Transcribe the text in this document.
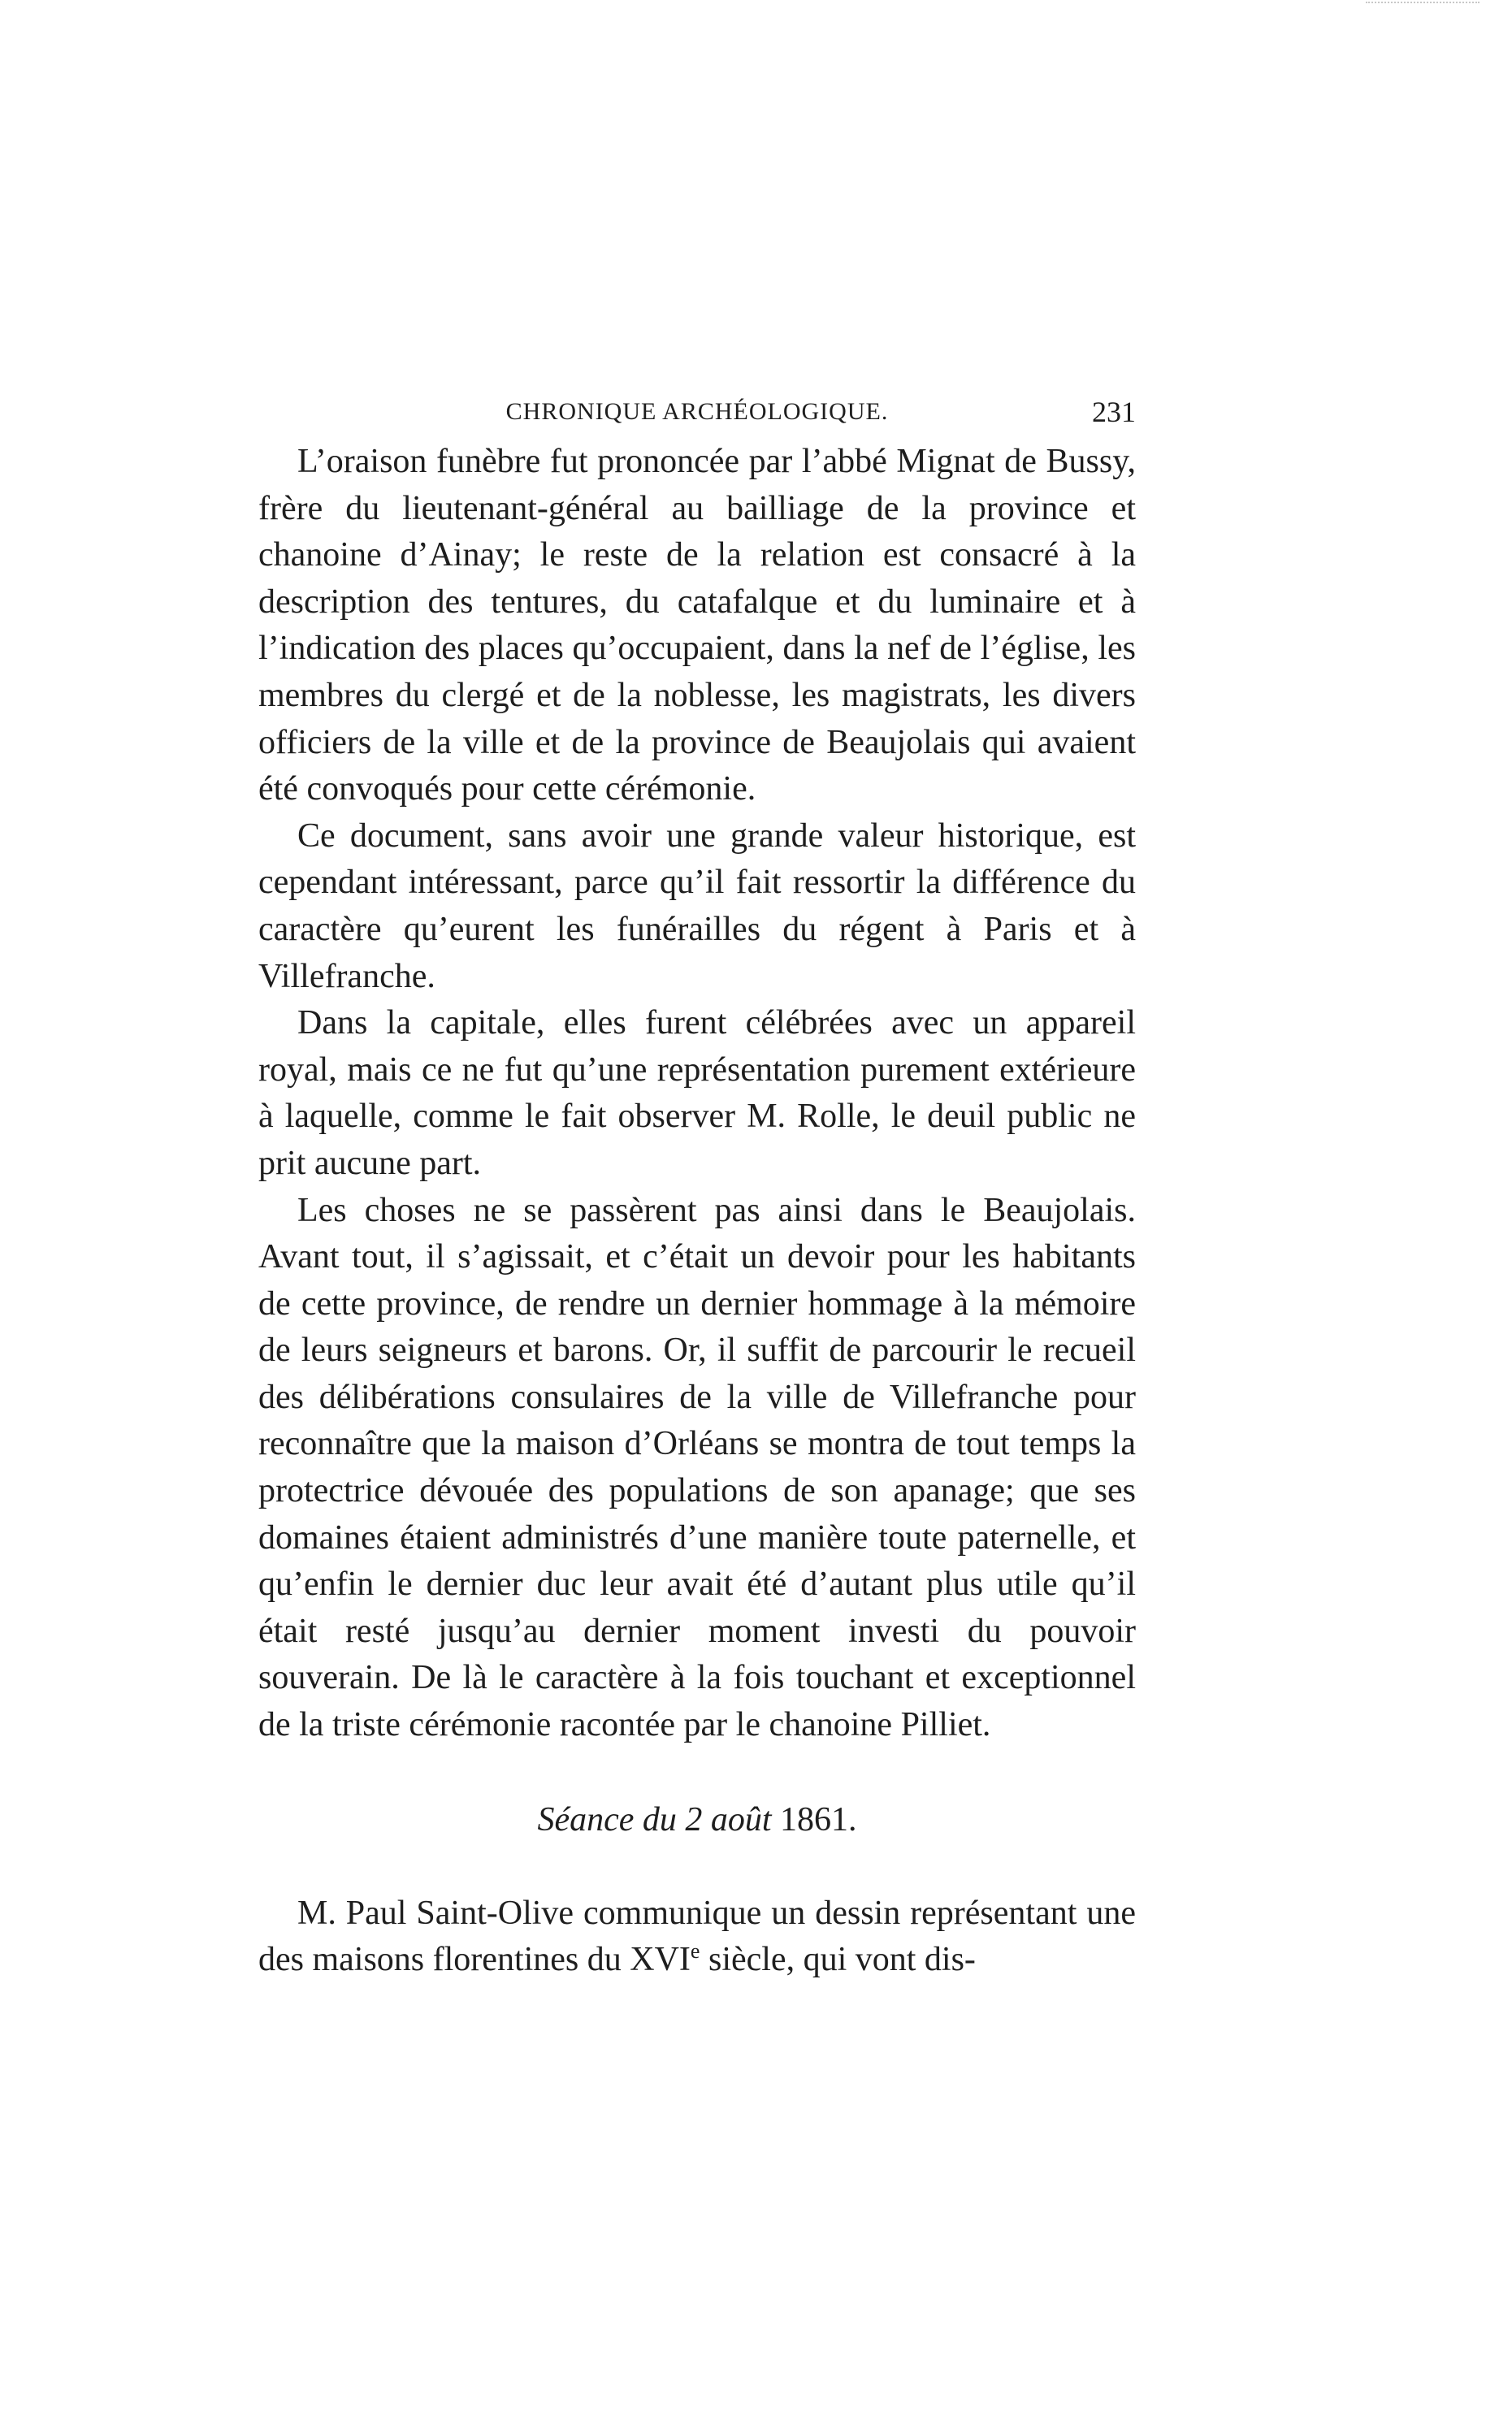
CHRONIQUE ARCHÉOLOGIQUE.	231

L’oraison funèbre fut prononcée par l’abbé Mignat de Bussy, frère du lieutenant-général au bailliage de la province et chanoine d’Ainay; le reste de la relation est consacré à la description des tentures, du catafalque et du luminaire et à l’indication des places qu’occupaient, dans la nef de l’église, les membres du clergé et de la noblesse, les magistrats, les divers officiers de la ville et de la province de Beaujolais qui avaient été convoqués pour cette cérémonie.

Ce document, sans avoir une grande valeur historique, est cependant intéressant, parce qu’il fait ressortir la différence du caractère qu’eurent les funérailles du régent à Paris et à Villefranche.

Dans la capitale, elles furent célébrées avec un appareil royal, mais ce ne fut qu’une représentation purement extérieure à laquelle, comme le fait observer M. Rolle, le deuil public ne prit aucune part.

Les choses ne se passèrent pas ainsi dans le Beaujolais. Avant tout, il s’agissait, et c’était un devoir pour les habitants de cette province, de rendre un dernier hommage à la mémoire de leurs seigneurs et barons. Or, il suffit de parcourir le recueil des délibérations consulaires de la ville de Villefranche pour reconnaître que la maison d’Orléans se montra de tout temps la protectrice dévouée des populations de son apanage; que ses domaines étaient administrés d’une manière toute paternelle, et qu’enfin le dernier duc leur avait été d’autant plus utile qu’il était resté jusqu’au dernier moment investi du pouvoir souverain. De là le caractère à la fois touchant et exceptionnel de la triste cérémonie racontée par le chanoine Pilliet.

Séance du 2 août 1861.

M. Paul Saint-Olive communique un dessin représentant une des maisons florentines du XVIe siècle, qui vont dis-
